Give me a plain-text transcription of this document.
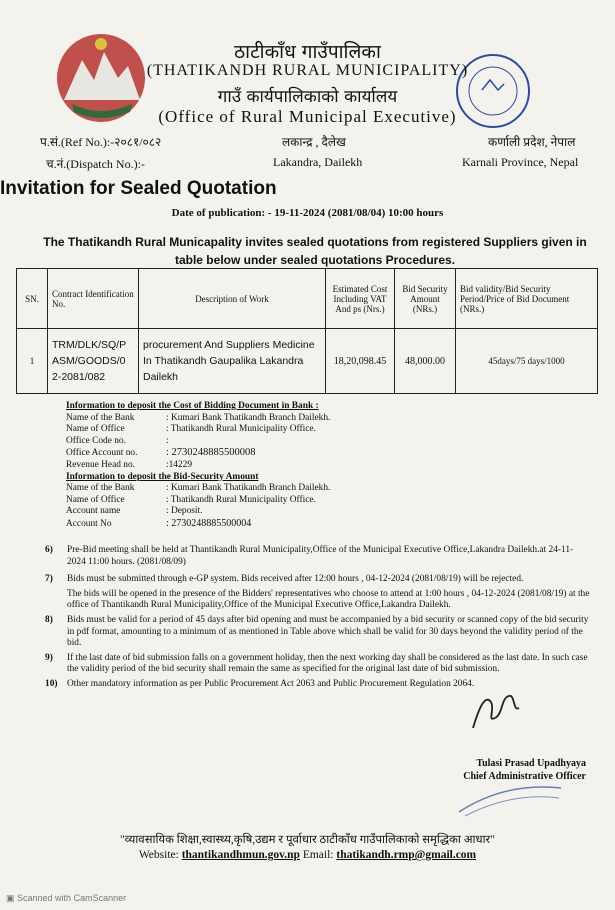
ठाटीकाँध गाउँपालिका
(THATIKANDH RURAL MUNICIPALITY)
गाउँ कार्यपालिकाको कार्यालय
(Office of Rural Municipal Executive)
प.सं.(Ref No.):-२०८१/०८२	लकान्द्र , दैलेख	कर्णाली प्रदेश, नेपाल
च.नं.(Dispatch No.):-	Lakandra, Dailekh	Karnali Province, Nepal
Invitation for Sealed Quotation
Date of publication: - 19-11-2024 (2081/08/04) 10:00 hours
The Thatikandh Rural Municapality invites sealed quotations from registered Suppliers given in table below under sealed quotations Procedures.
SN.	Contract Identification No.	Description of Work	Estimated Cost Including VAT And ps (Nrs.)	Bid Security Amount (NRs.)	Bid validity/Bid Security Period/Price of Bid Document (NRs.)
1	TRM/DLK/SQ/P ASM/GOODS/0 2-2081/082	procurement And Suppliers Medicine In Thatikandh Gaupalika Lakandra Dailekh	18,20,098.45	48,000.00	45days/75 days/1000
Information to deposit the Cost of Bidding Document in Bank :
Name of the Bank	: Kumari Bank Thatikandh Branch Dailekh.
Name of Office	: Thatikandh Rural Municipality Office.
Office Code no.	:
Office Account no.	: 2730248885500008
Revenue Head no.	:14229
Information to deposit the Bid-Security Amount
Name of the Bank	: Kumari Bank Thatikandh Branch Dailekh.
Name of Office	: Thatikandh Rural Municipality Office.
Account name	: Deposit.
Account No	: 2730248885500004
6) Pre-Bid meeting shall be held at Thantikandh Rural Municipality,Office of the Municipal Executive Office,Lakandra Dailekh.at 24-11-2024 11:00 hours. (2081/08/09)
7) Bids must be submitted through e-GP system. Bids received after 12:00 hours , 04-12-2024 (2081/08/19) will be rejected.
The bids will be opened in the presence of the Bidders' representatives who choose to attend at 1:00 hours , 04-12-2024 (2081/08/19) at the office of Thantikandh Rural Municipality,Office of the Municipal Executive Office,Lakandra Dailekh.
8) Bids must be valid for a period of 45 days after bid opening and must be accompanied by a bid security or scanned copy of the bid security in pdf format, amounting to a minimum of as mentioned in Table above which shall be valid for 30 days beyond the validity period of the bid.
9) If the last date of bid submission falls on a government holiday, then the next working day shall be considered as the last date. In such case the validity period of the bid security shall remain the same as specified for the original last date of bid submission.
10) Other mandatory information as per Public Procurement Act 2063 and Public Procurement Regulation 2064.
Tulasi Prasad Upadhyaya
Chief Administrative Officer
"व्यावसायिक शिक्षा,स्वास्थ्य,कृषि,उद्यम र पूर्वाधार ठाटीकाँध गाउँपालिकाको समृद्धिका आधार"
Website: thantikandhmun.gov.np Email: thatikandh.rmp@gmail.com
▣ Scanned with CamScanner
